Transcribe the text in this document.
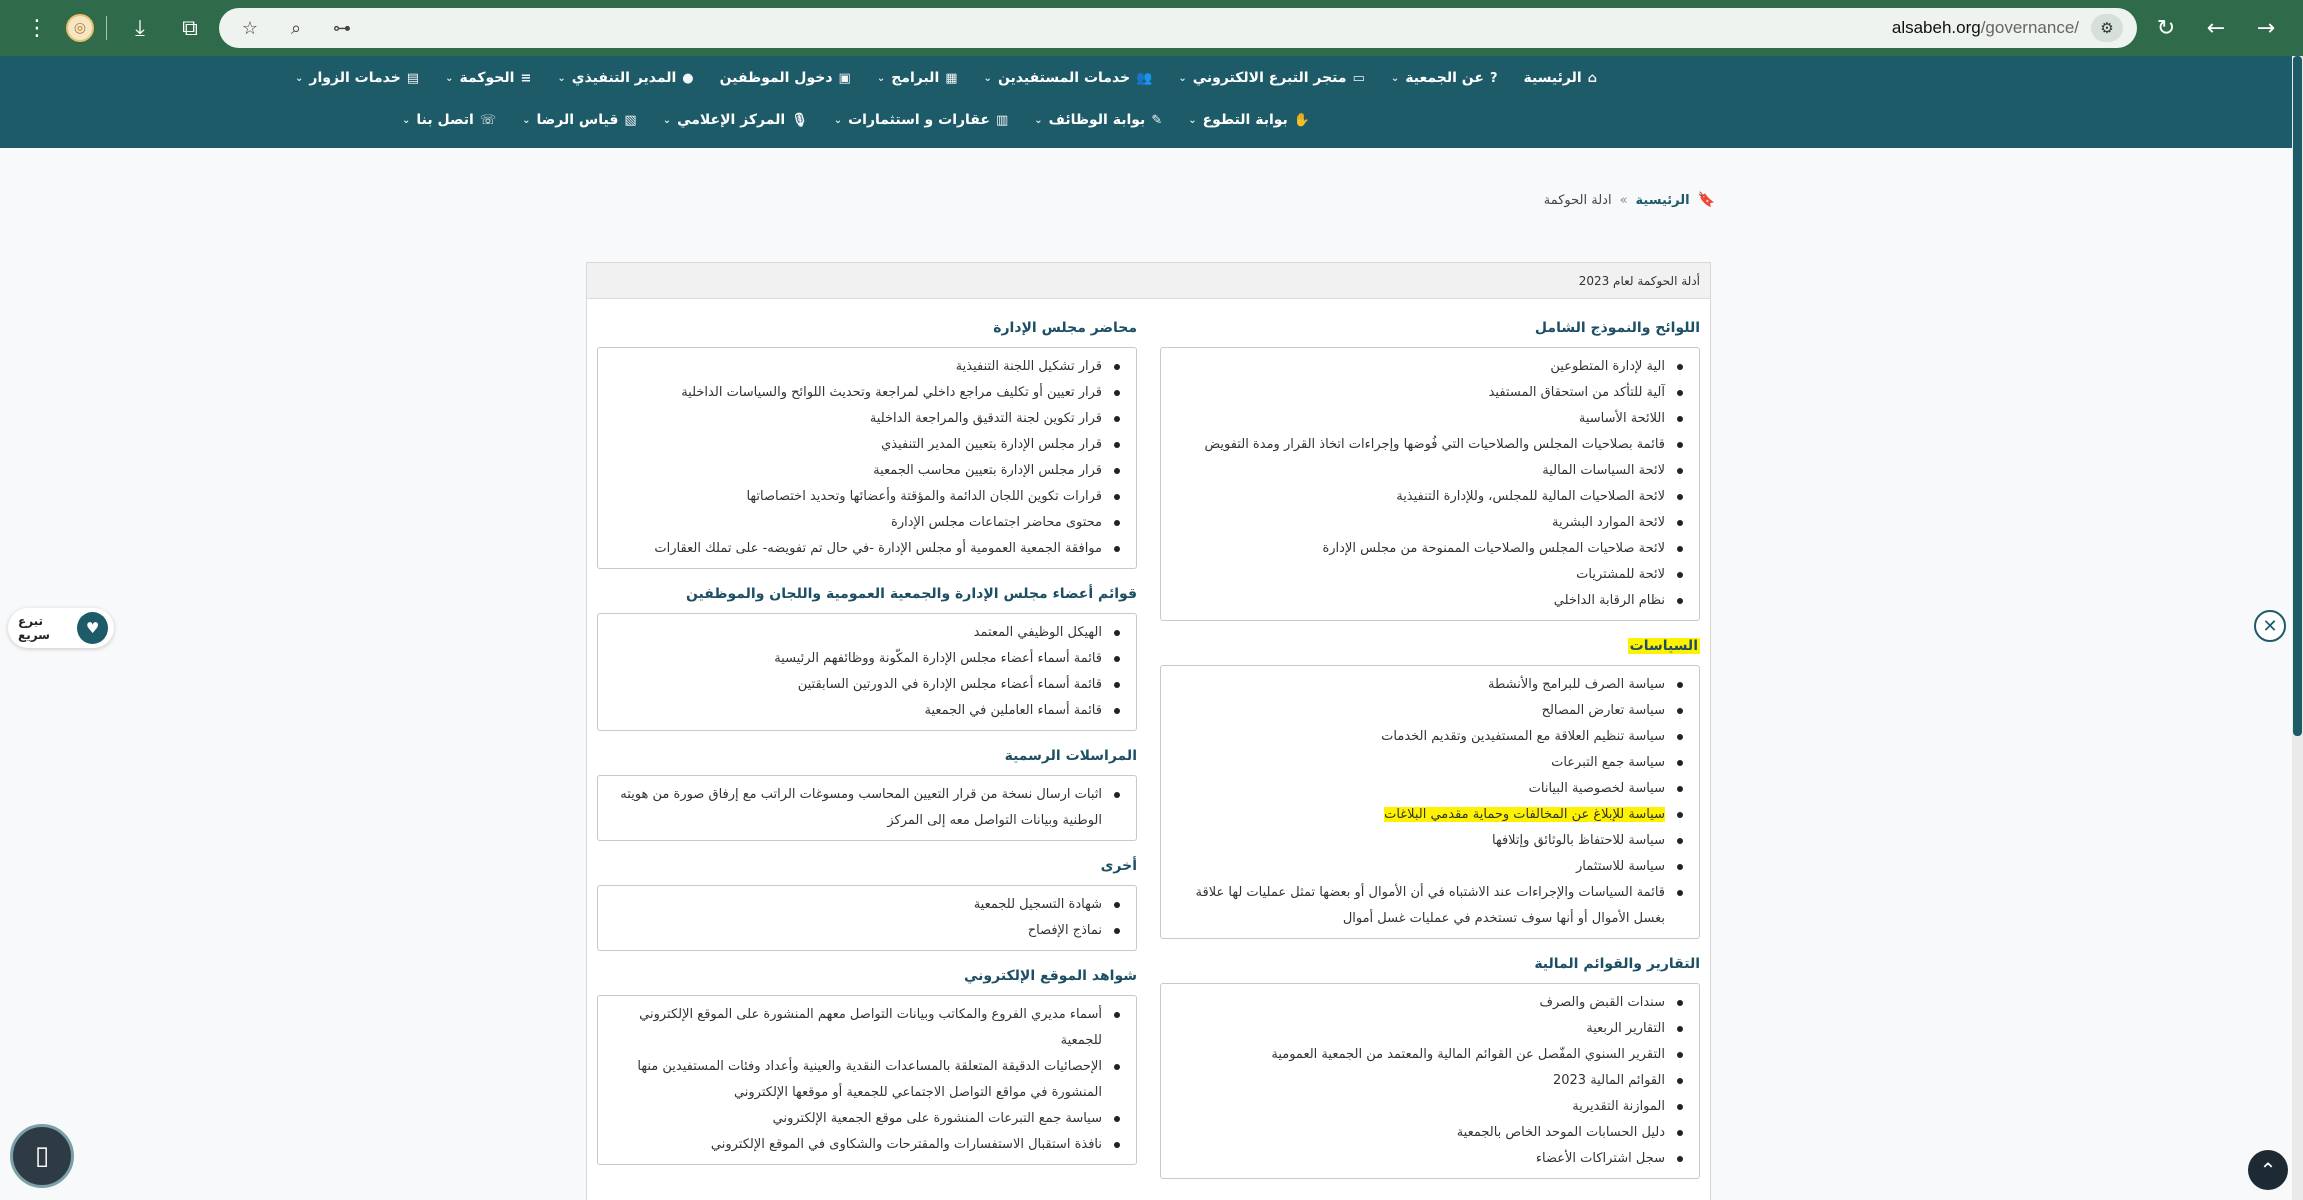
⋮	◎	⤓	⧉	☆	⌕	⊶	alsabeh.org/governance/	⚙	↻	←	→
⌂
الرئيسية
?
عن الجمعية
⌄
▭
متجر التبرع الالكتروني
⌄
👥
خدمات المستفيدين
⌄
▦
البرامج
⌄
▣
دخول الموظفين
●
المدير التنفيذي
⌄
≡
الحوكمة
⌄
▤
خدمات الزوار
⌄
✋
بوابة التطوع
⌄
✎
بوابة الوظائف
⌄
▥
عقارات و استثمارات
⌄
🎙
المركز الإعلامي
⌄
▧
قياس الرضا
⌄
☏
اتصل بنا
⌄
🔖
الرئيسية
»
ادلة الحوكمة
أدلة الحوكمة لعام 2023
اللوائح والنموذج الشامل
الية لإدارة المتطوعين
آلية للتأكد من استحقاق المستفيد
اللائحة الأساسية
قائمة بصلاحيات المجلس والصلاحيات التي فُوضها وإجراءات اتخاذ القرار ومدة التفويض
لائحة السياسات المالية
لائحة الصلاحيات المالية للمجلس، وللإدارة التنفيذية
لائحة الموارد البشرية
لائحة صلاحيات المجلس والصلاحيات الممنوحة من مجلس الإدارة
لائحة للمشتريات
نظام الرقابة الداخلي
السياسات
سياسة الصرف للبرامج والأنشطة
سياسة تعارض المصالح
سياسة تنظيم العلاقة مع المستفيدين وتقديم الخدمات
سياسة جمع التبرعات
سياسة لخصوصية البيانات
سياسة للإبلاغ عن المخالفات وحماية مقدمي البلاغات
سياسة للاحتفاظ بالوثائق وإتلافها
سياسة للاستثمار
قائمة السياسات والإجراءات عند الاشتباه في أن الأموال أو بعضها تمثل عمليات لها علاقة بغسل الأموال أو أنها سوف تستخدم في عمليات غسل أموال
التقارير والقوائم المالية
سندات القبض والصرف
التقارير الربعية
التقرير السنوي المفّصل عن القوائم المالية والمعتمد من الجمعية العمومية
القوائم المالية 2023
الموازنة التقديرية
دليل الحسابات الموحد الخاص بالجمعية
سجل اشتراكات الأعضاء
محاضر مجلس الإدارة
قرار تشكيل اللجنة التنفيذية
قرار تعيين أو تكليف مراجع داخلي لمراجعة وتحديث اللوائح والسياسات الداخلية
قرار تكوين لجنة التدقيق والمراجعة الداخلية
قرار مجلس الإدارة بتعيين المدير التنفيذي
قرار مجلس الإدارة بتعيين محاسب الجمعية
قرارات تكوين اللجان الدائمة والمؤقتة وأعضائها وتحديد اختصاصاتها
محتوى محاضر اجتماعات مجلس الإدارة
موافقة الجمعية العمومية أو مجلس الإدارة -في حال تم تفويضه- على تملك العقارات
قوائم أعضاء مجلس الإدارة والجمعية العمومية واللجان والموظفين
الهيكل الوظيفي المعتمد
قائمة أسماء أعضاء مجلس الإدارة المكّونة ووظائفهم الرئيسية
قائمة أسماء أعضاء مجلس الإدارة في الدورتين السابقتين
قائمة أسماء العاملين في الجمعية
المراسلات الرسمية
اثبات ارسال نسخة من قرار التعيين المحاسب ومسوغات الراتب مع إرفاق صورة من هويته الوطنية وبيانات التواصل معه إلى المركز
أخرى
شهادة التسجيل للجمعية
نماذج الإفصاح
شواهد الموقع الإلكتروني
أسماء مديري الفروع والمكاتب وبيانات التواصل معهم المنشورة على الموقع الإلكتروني للجمعية
الإحصائيات الدقيقة المتعلقة بالمساعدات النقدية والعينية وأعداد وفئات المستفيدين منها المنشورة في مواقع التواصل الاجتماعي للجمعية أو موقعها الإلكتروني
سياسة جمع التبرعات المنشورة على موقع الجمعية الإلكتروني
نافذة استقبال الاستفسارات والمقترحات والشكاوى في الموقع الإلكتروني
تبرع سريع	♥	✕
▯	⌃
